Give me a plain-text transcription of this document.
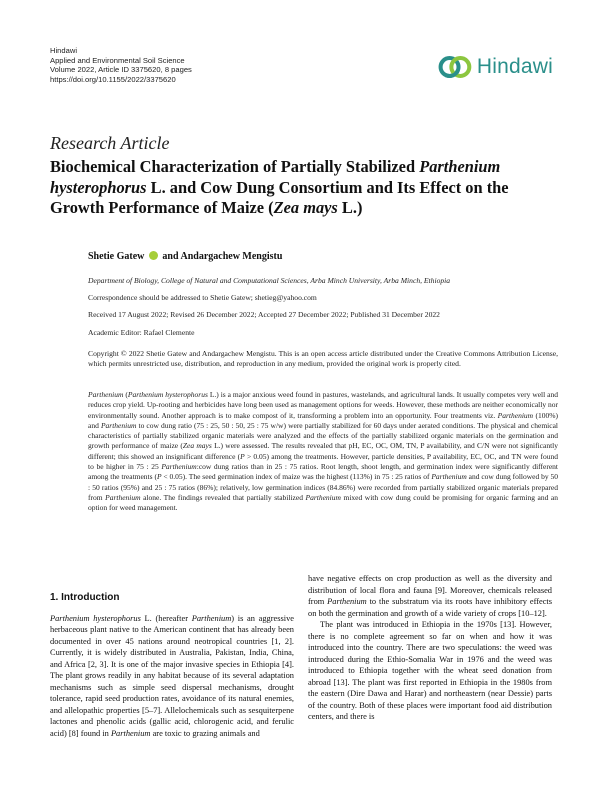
Hindawi
Applied and Environmental Soil Science
Volume 2022, Article ID 3375620, 8 pages
https://doi.org/10.1155/2022/3375620
Hindawi
Research Article
Biochemical Characterization of Partially Stabilized Parthenium hysterophorus L. and Cow Dung Consortium and Its Effect on the Growth Performance of Maize (Zea mays L.)
Shetie Gatew and Andargachew Mengistu
Department of Biology, College of Natural and Computational Sciences, Arba Minch University, Arba Minch, Ethiopia
Correspondence should be addressed to Shetie Gatew; shetieg@yahoo.com
Received 17 August 2022; Revised 26 December 2022; Accepted 27 December 2022; Published 31 December 2022
Academic Editor: Rafael Clemente
Copyright © 2022 Shetie Gatew and Andargachew Mengistu. This is an open access article distributed under the Creative Commons Attribution License, which permits unrestricted use, distribution, and reproduction in any medium, provided the original work is properly cited.
Parthenium (Parthenium hysterophorus L.) is a major anxious weed found in pastures, wastelands, and agricultural lands. It usually competes very well and reduces crop yield. Up-rooting and herbicides have long been used as management options for weeds. However, these methods are neither economically nor environmentally sound. Another approach is to make compost of it, transforming a problem into an opportunity. Four treatments viz. Parthenium (100%) and Parthenium to cow dung ratio (75 : 25, 50 : 50, 25 : 75 w/w) were partially stabilized for 60 days under aerated conditions. The physical and chemical characteristics of partially stabilized organic materials were analyzed and the effects of the partially stabilized organic materials on the germination and growth performance of maize (Zea mays L.) were assessed. The results revealed that pH, EC, OC, OM, TN, P availability, and C/N were not significantly different; this showed an insignificant difference (P > 0.05) among the treatments. However, particle densities, P availability, EC, OC, and TN were found to be higher in 75 : 25 Parthenium:cow dung ratios than in 25 : 75 ratios. Root length, shoot length, and germination index were significantly different among the treatments (P < 0.05). The seed germination index of maize was the highest (113%) in 75 : 25 ratios of Parthenium and cow dung followed by 50 : 50 ratios (95%) and 25 : 75 ratios (86%); relatively, low germination indices (84.86%) were recorded from partially stabilized organic materials prepared from Parthenium alone. The findings revealed that partially stabilized Parthenium mixed with cow dung could be promising for organic farming and an option for weed management.
1. Introduction

Parthenium hysterophorus L. (hereafter Parthenium) is an aggressive herbaceous plant native to the American continent that has already been documented in over 45 nations around neotropical countries [1, 2]. Currently, it is widely distributed in Australia, Pakistan, India, China, and Africa [2, 3]. It is one of the major invasive species in Ethiopia [4]. The plant grows readily in any habitat because of its several adaptation mechanisms such as simple seed dispersal mechanisms, drought tolerance, rapid seed production rates, avoidance of its natural enemies, and allelopathic properties [5–7]. Allelochemicals such as sesquiterpene lactones and phenolic acids (gallic acid, chlorogenic acid, and ferulic acid) [8] found in Parthenium are toxic to grazing animals and

have negative effects on crop production as well as the diversity and distribution of local flora and fauna [9]. Moreover, chemicals released from Parthenium to the substratum via its roots have inhibitory effects on both the germination and growth of a wide variety of crops [10–12].

The plant was introduced in Ethiopia in the 1970s [13]. However, there is no complete agreement so far on when and how it was introduced into the country. There are two speculations: the weed was introduced during the Ethio-Somalia War in 1976 and the weed was introduced to Ethiopia together with the wheat seed donation from abroad [13]. The plant was first reported in Ethiopia in the 1980s from the eastern (Dire Dawa and Harar) and northeastern (near Dessie) parts of the country. Both of these places were important food aid distribution centers, and there is
